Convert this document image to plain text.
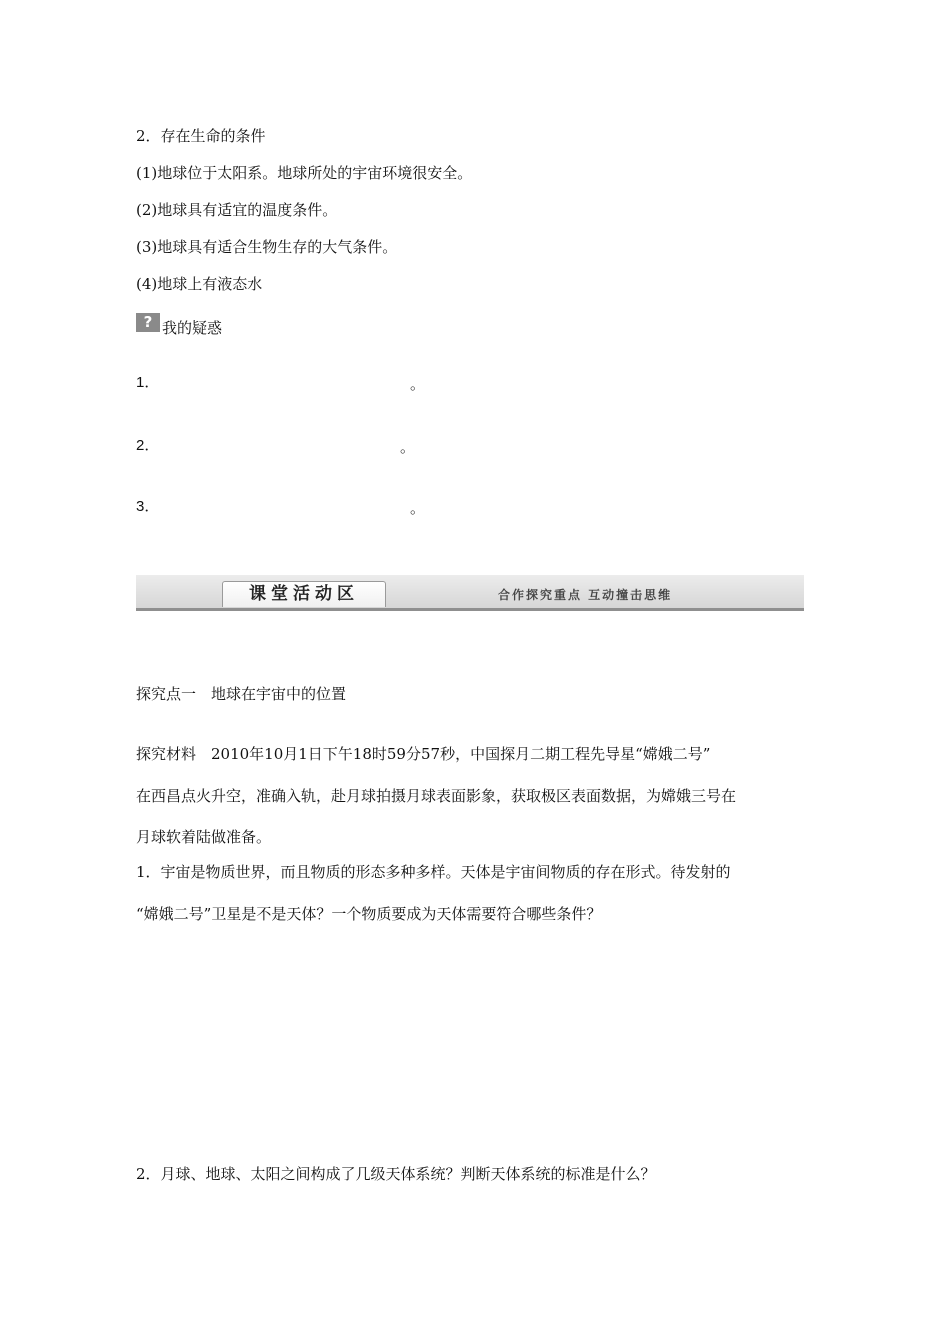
2．存在生命的条件
(1)地球位于太阳系。地球所处的宇宙环境很安全。
(2)地球具有适宜的温度条件。
(3)地球具有适合生物生存的大气条件。
(4)地球上有液态水
? 我的疑惑
1．	。
2．	。
3．	。
课堂活动区	合作探究重点 互动撞击思维
探究点一　地球在宇宙中的位置
探究材料　2010年10月1日下午18时59分57秒，中国探月二期工程先导星“嫦娥二号”
在西昌点火升空，准确入轨，赴月球拍摄月球表面影象，获取极区表面数据，为嫦娥三号在
月球软着陆做准备。
1．宇宙是物质世界，而且物质的形态多种多样。天体是宇宙间物质的存在形式。待发射的
“嫦娥二号”卫星是不是天体？一个物质要成为天体需要符合哪些条件？
2．月球、地球、太阳之间构成了几级天体系统？判断天体系统的标准是什么？
